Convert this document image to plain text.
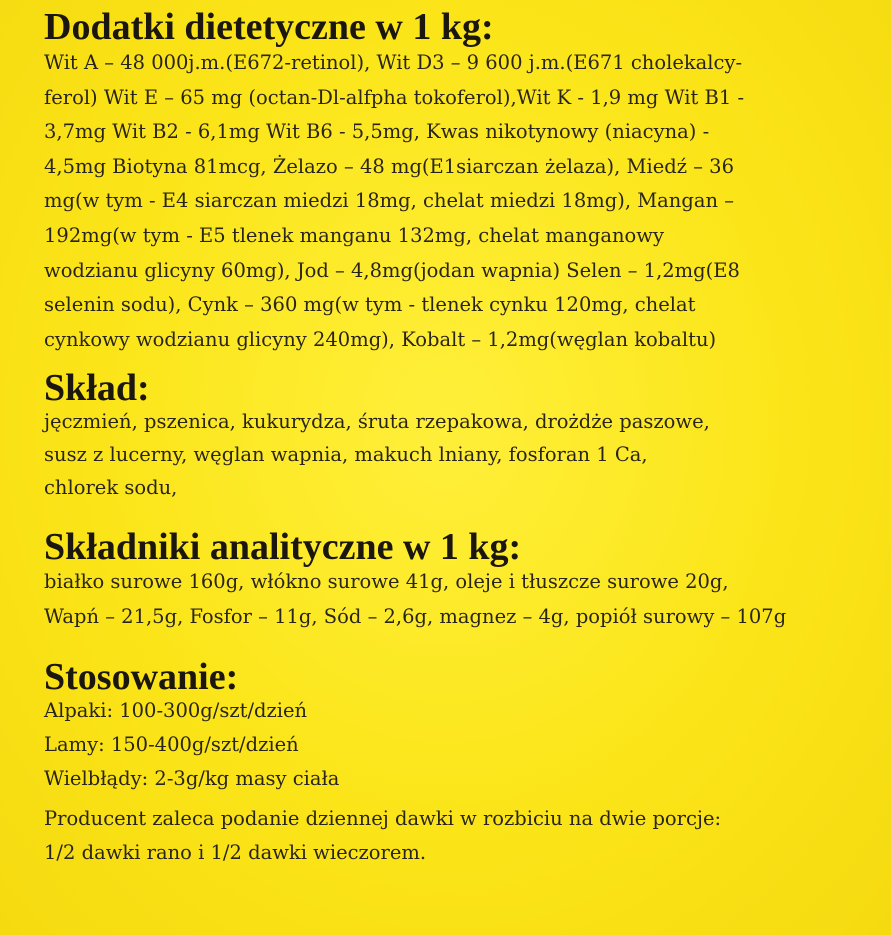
Dodatki dietetyczne w 1 kg:

Wit A – 48 000j.m.(E672-retinol), Wit D3 – 9 600 j.m.(E671 cholekalcy-
ferol) Wit E – 65 mg (octan-Dl-alfpha tokoferol),Wit K - 1,9 mg Wit B1 -
3,7mg Wit B2 - 6,1mg Wit B6 - 5,5mg, Kwas nikotynowy (niacyna) -
4,5mg Biotyna 81mcg, Żelazo – 48 mg(E1siarczan żelaza), Miedź – 36
mg(w tym - E4 siarczan miedzi 18mg, chelat miedzi 18mg), Mangan –
192mg(w tym - E5 tlenek manganu 132mg, chelat manganowy
wodzianu glicyny 60mg), Jod – 4,8mg(jodan wapnia) Selen – 1,2mg(E8
selenin sodu), Cynk – 360 mg(w tym - tlenek cynku 120mg, chelat
cynkowy wodzianu glicyny 240mg), Kobalt – 1,2mg(węglan kobaltu)

Skład:

jęczmień, pszenica, kukurydza, śruta rzepakowa, drożdże paszowe,
susz z lucerny, węglan wapnia, makuch lniany, fosforan 1 Ca,
chlorek sodu,

Składniki analityczne w 1 kg:

białko surowe 160g, włókno surowe 41g, oleje i tłuszcze surowe 20g,
Wapń – 21,5g, Fosfor – 11g, Sód – 2,6g, magnez – 4g, popiół surowy – 107g

Stosowanie:

Alpaki: 100-300g/szt/dzień
Lamy: 150-400g/szt/dzień
Wielbłądy: 2-3g/kg masy ciała

Producent zaleca podanie dziennej dawki w rozbiciu na dwie porcje:
1/2 dawki rano i 1/2 dawki wieczorem.
